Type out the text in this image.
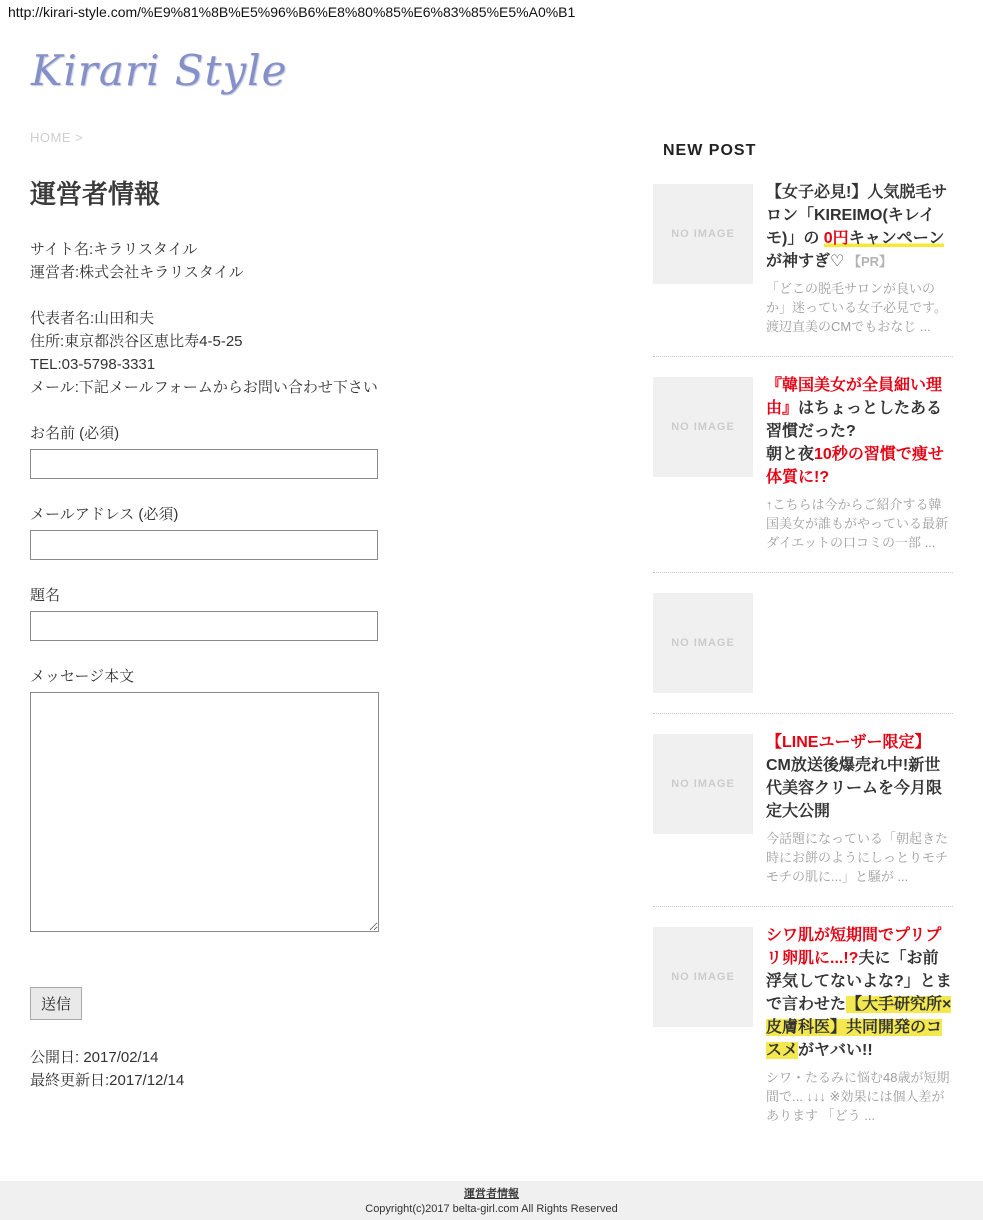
http://kirari-style.com/%E9%81%8B%E5%96%B6%E8%80%85%E6%83%85%E5%A0%B1
Kirari Style
HOME >
運営者情報

サイト名:キラリスタイル
運営者:株式会社キラリスタイル

代表者名:山田和夫
住所:東京都渋谷区恵比寿4-5-25
TEL:03-5798-3331
メール:下記メールフォームからお問い合わせ下さい

お名前 (必須)
メールアドレス (必須)
題名
メッセージ本文
送信

公開日: 2017/02/14
最終更新日:2017/12/14

NEW POST
NO IMAGE
【女子必見!】人気脱毛サロン「KIREIMO(キレイモ)」の 0円キャンペーンが神すぎ♡ 【PR】

「どこの脱毛サロンが良いのか」迷っている女子必見です。渡辺直美のCMでもおなじ ...

NO IMAGE
『韓国美女が全員細い理由』はちょっとしたある習慣だった?
朝と夜10秒の習慣で痩せ体質に!?

↑こちらは今からご紹介する韓国美女が誰もがやっている最新ダイエットの口コミの一部 ...

NO IMAGE

NO IMAGE
【LINEユーザー限定】
CM放送後爆売れ中!新世代美容クリームを今月限定大公開

今話題になっている「朝起きた時にお餅のようにしっとりモチモチの肌に...」と騒が ...

NO IMAGE
シワ肌が短期間でプリプリ卵肌に...!?夫に「お前浮気してないよな?」とまで言わせた【大手研究所×皮膚科医】共同開発のコスメがヤバい!!

シワ・たるみに悩む48歳が短期間で... ↓↓↓ ※効果には個人差があります 「どう ...

運営者情報
Copyright(c)2017 belta-girl.com All Rights Reserved
